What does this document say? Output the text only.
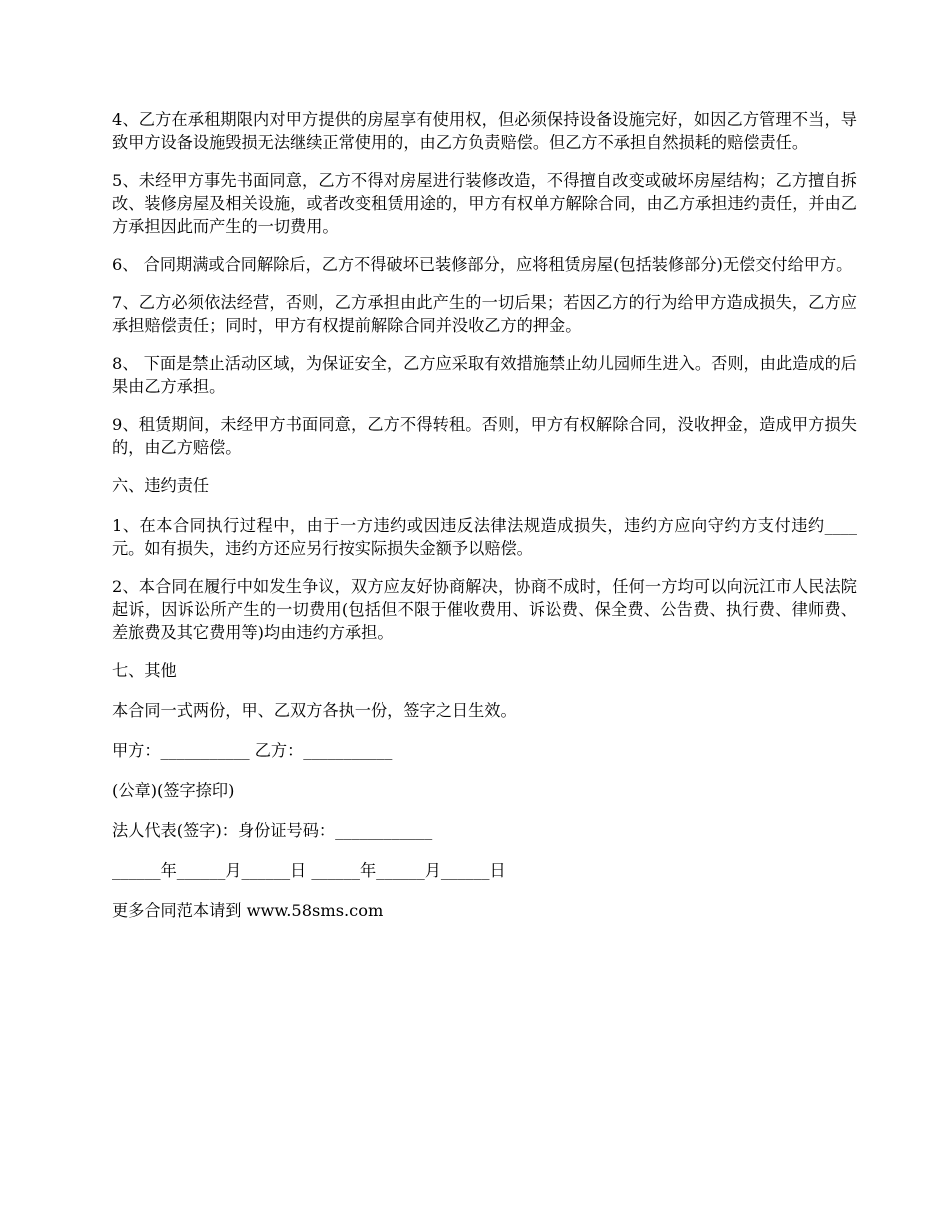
4、乙方在承租期限内对甲方提供的房屋享有使用权，但必须保持设备设施完好，如因乙方管理不当，导致甲方设备设施毁损无法继续正常使用的，由乙方负责赔偿。但乙方不承担自然损耗的赔偿责任。

5、未经甲方事先书面同意，乙方不得对房屋进行装修改造，不得擅自改变或破坏房屋结构；乙方擅自拆改、装修房屋及相关设施，或者改变租赁用途的，甲方有权单方解除合同，由乙方承担违约责任，并由乙方承担因此而产生的一切费用。

6、 合同期满或合同解除后，乙方不得破坏已装修部分，应将租赁房屋(包括装修部分)无偿交付给甲方。

7、乙方必须依法经营，否则，乙方承担由此产生的一切后果；若因乙方的行为给甲方造成损失，乙方应承担赔偿责任；同时，甲方有权提前解除合同并没收乙方的押金。

8、 下面是禁止活动区域，为保证安全，乙方应采取有效措施禁止幼儿园师生进入。否则，由此造成的后果由乙方承担。

9、租赁期间，未经甲方书面同意，乙方不得转租。否则，甲方有权解除合同，没收押金，造成甲方损失的，由乙方赔偿。

六、违约责任

1、在本合同执行过程中，由于一方违约或因违反法律法规造成损失，违约方应向守约方支付违约____元。如有损失，违约方还应另行按实际损失金额予以赔偿。

2、本合同在履行中如发生争议，双方应友好协商解决，协商不成时，任何一方均可以向沅江市人民法院起诉，因诉讼所产生的一切费用(包括但不限于催收费用、诉讼费、保全费、公告费、执行费、律师费、差旅费及其它费用等)均由违约方承担。

七、其他

本合同一式两份，甲、乙双方各执一份，签字之日生效。

甲方：___________ 乙方：___________

(公章)(签字捺印)

法人代表(签字)：身份证号码：____________

______年______月______日 ______年______月______日

更多合同范本请到 www.58sms.com
